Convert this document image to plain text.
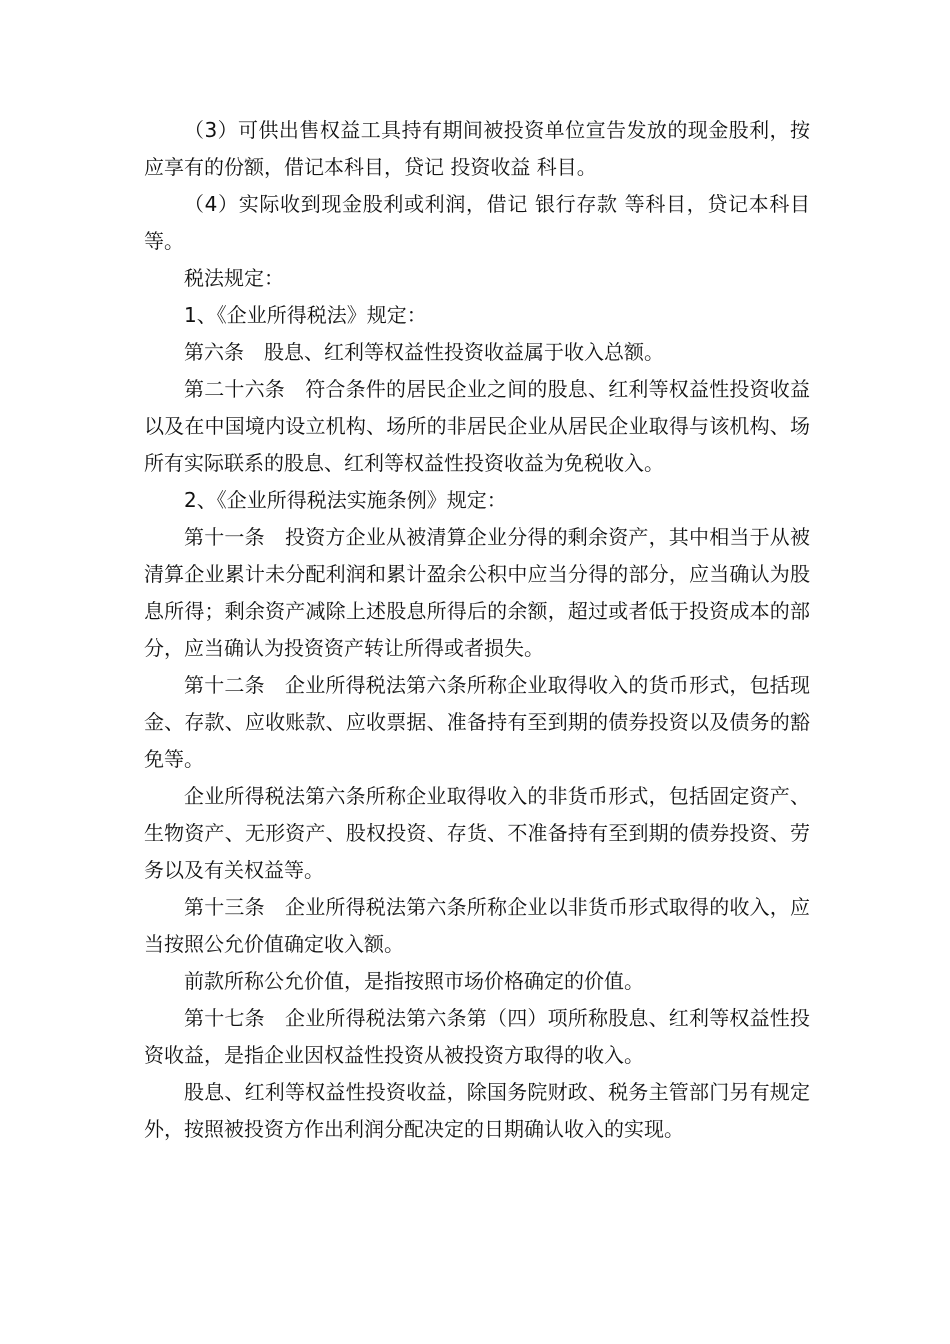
（3）可供出售权益工具持有期间被投资单位宣告发放的现金股利，按应享有的份额，借记本科目，贷记 投资收益 科目。

（4）实际收到现金股利或利润，借记 银行存款 等科目，贷记本科目等。

税法规定：

1、《企业所得税法》规定：

第六条　股息、红利等权益性投资收益属于收入总额。

第二十六条　符合条件的居民企业之间的股息、红利等权益性投资收益以及在中国境内设立机构、场所的非居民企业从居民企业取得与该机构、场所有实际联系的股息、红利等权益性投资收益为免税收入。

2、《企业所得税法实施条例》规定：

第十一条　投资方企业从被清算企业分得的剩余资产，其中相当于从被清算企业累计未分配利润和累计盈余公积中应当分得的部分，应当确认为股息所得；剩余资产减除上述股息所得后的余额，超过或者低于投资成本的部分，应当确认为投资资产转让所得或者损失。

第十二条　企业所得税法第六条所称企业取得收入的货币形式，包括现金、存款、应收账款、应收票据、准备持有至到期的债券投资以及债务的豁免等。

企业所得税法第六条所称企业取得收入的非货币形式，包括固定资产、生物资产、无形资产、股权投资、存货、不准备持有至到期的债券投资、劳务以及有关权益等。

第十三条　企业所得税法第六条所称企业以非货币形式取得的收入，应当按照公允价值确定收入额。

前款所称公允价值，是指按照市场价格确定的价值。

第十七条　企业所得税法第六条第（四）项所称股息、红利等权益性投资收益，是指企业因权益性投资从被投资方取得的收入。

股息、红利等权益性投资收益，除国务院财政、税务主管部门另有规定外，按照被投资方作出利润分配决定的日期确认收入的实现。
